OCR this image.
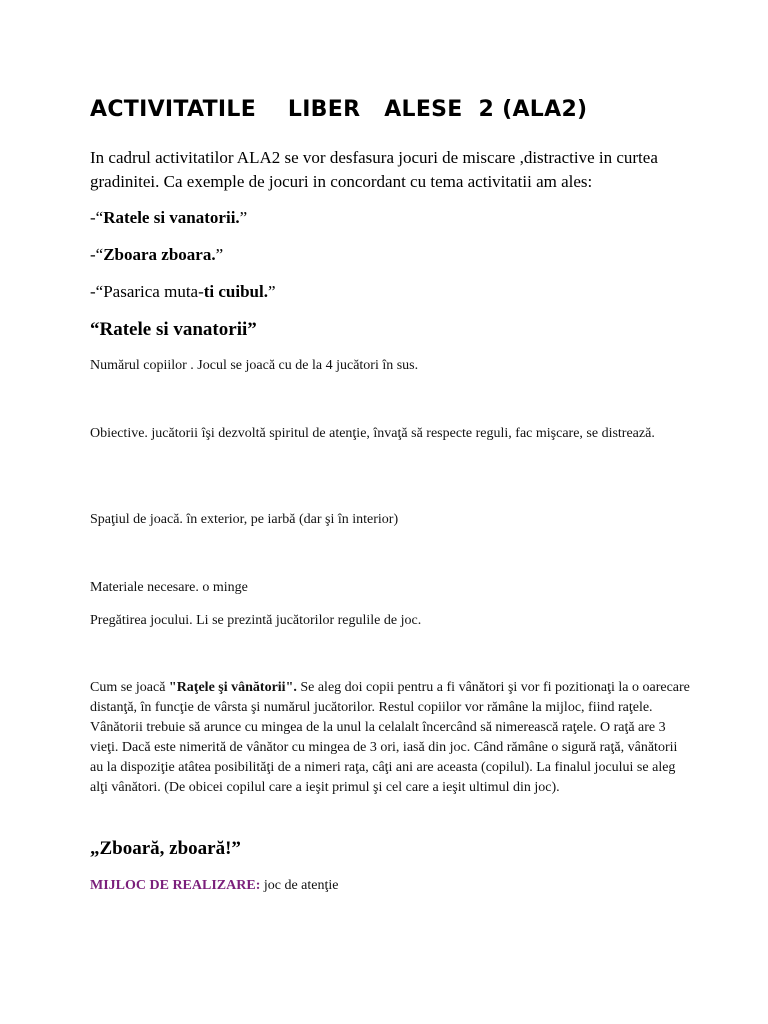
ACTIVITATILE    LIBER   ALESE  2 (ALA2)

In cadrul activitatilor ALA2 se vor desfasura jocuri de miscare ,distractive in curtea gradinitei. Ca exemple de jocuri in concordant cu tema activitatii am ales:

-“Ratele si vanatorii.”

-“Zboara zboara.”

-“Pasarica muta-ti cuibul.”

“Ratele si vanatorii”

Numărul copiilor . Jocul se joacă cu de la 4 jucători în sus.

Obiective. jucătorii îşi dezvoltă spiritul de atenţie, învaţă să respecte reguli, fac mişcare, se distrează.

Spaţiul de joacă. în exterior, pe iarbă (dar şi în interior)

Materiale necesare. o minge

Pregătirea jocului. Li se prezintă jucătorilor regulile de joc.

Cum se joacă "Raţele şi vânătorii". Se aleg doi copii pentru a fi vânători şi vor fi pozitionaţi la o oarecare distanţă, în funcţie de vârsta şi numărul jucătorilor. Restul copiilor vor rămâne la mijloc, fiind raţele. Vânătorii trebuie să arunce cu mingea de la unul la celalalt încercând să nimerească raţele. O raţă are 3 vieţi. Dacă este nimerită de vânător cu mingea de 3 ori, iasă din joc. Când rămâne o sigură raţă, vânătorii au la dispoziţie atâtea posibilităţi de a nimeri raţa, câţi ani are aceasta (copilul). La finalul jocului se aleg alţi vânători. (De obicei copilul care a ieşit primul şi cel care a ieşit ultimul din joc).

„Zboară, zboară!”

MIJLOC DE REALIZARE: joc de atenţie
